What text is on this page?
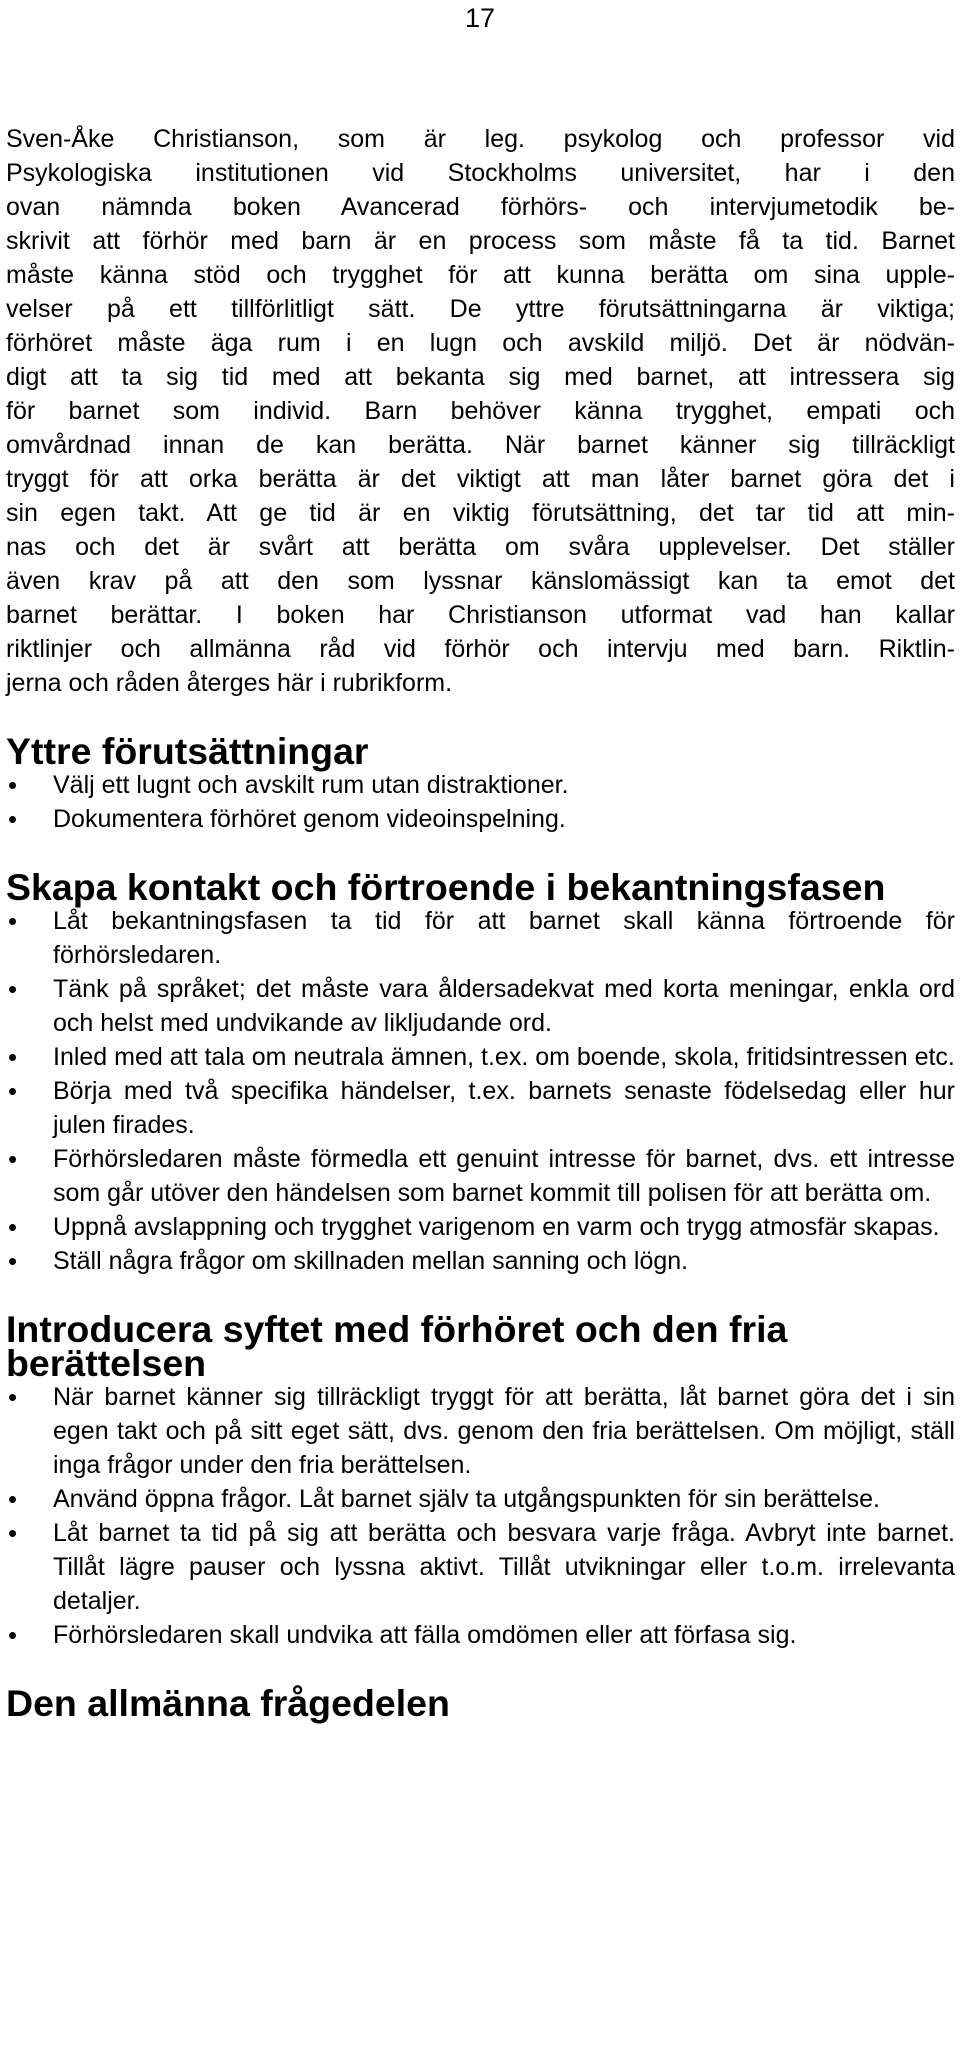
17

Sven-Åke Christianson, som är leg. psykolog och professor vid
Psykologiska institutionen vid Stockholms universitet, har i den
ovan nämnda boken Avancerad förhörs- och intervjumetodik be-
skrivit att förhör med barn är en process som måste få ta tid. Barnet
måste känna stöd och trygghet för att kunna berätta om sina upple-
velser på ett tillförlitligt sätt. De yttre förutsättningarna är viktiga;
förhöret måste äga rum i en lugn och avskild miljö. Det är nödvän-
digt att ta sig tid med att bekanta sig med barnet, att intressera sig
för barnet som individ. Barn behöver känna trygghet, empati och
omvårdnad innan de kan berätta. När barnet känner sig tillräckligt
tryggt för att orka berätta är det viktigt att man låter barnet göra det i
sin egen takt. Att ge tid är en viktig förutsättning, det tar tid att min-
nas och det är svårt att berätta om svåra upplevelser. Det ställer
även krav på att den som lyssnar känslomässigt kan ta emot det
barnet berättar. I boken har Christianson utformat vad han kallar
riktlinjer och allmänna råd vid förhör och intervju med barn. Riktlin-
jerna och råden återges här i rubrikform.

Yttre förutsättningar
• Välj ett lugnt och avskilt rum utan distraktioner.
• Dokumentera förhöret genom videoinspelning.
Skapa kontakt och förtroende i bekantningsfasen
• Låt bekantningsfasen ta tid för att barnet skall känna förtroende för förhörsledaren.
• Tänk på språket; det måste vara åldersadekvat med korta meningar, enkla ord och helst med undvikande av likljudande ord.
• Inled med att tala om neutrala ämnen, t.ex. om boende, skola, fritidsintressen etc.
• Börja med två specifika händelser, t.ex. barnets senaste födelsedag eller hur julen firades.
• Förhörsledaren måste förmedla ett genuint intresse för barnet, dvs. ett intresse som går utöver den händelsen som barnet kommit till polisen för att berätta om.
• Uppnå avslappning och trygghet varigenom en varm och trygg atmosfär skapas.
• Ställ några frågor om skillnaden mellan sanning och lögn.
Introducera syftet med förhöret och den fria berättelsen
• När barnet känner sig tillräckligt tryggt för att berätta, låt barnet göra det i sin egen takt och på sitt eget sätt, dvs. genom den fria berättelsen. Om möjligt, ställ inga frågor under den fria berättelsen.
• Använd öppna frågor. Låt barnet själv ta utgångspunkten för sin berättelse.
• Låt barnet ta tid på sig att berätta och besvara varje fråga. Avbryt inte barnet. Tillåt lägre pauser och lyssna aktivt. Tillåt utvikningar eller t.o.m. irrelevanta detaljer.
• Förhörsledaren skall undvika att fälla omdömen eller att förfasa sig.
Den allmänna frågedelen
